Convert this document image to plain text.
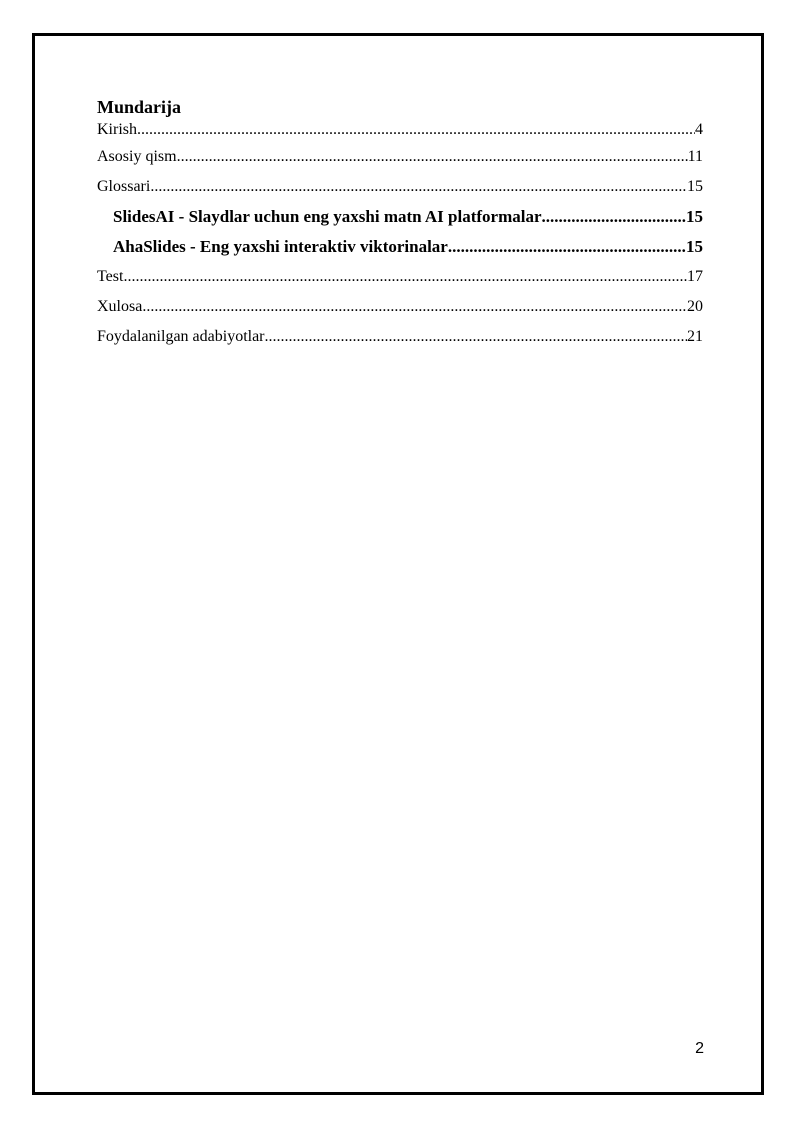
Mundarija
Kirish .....	4
Asosiy qism .....	11
Glossari .....	15
SlidesAI - Slaydlar uchun eng yaxshi matn AI platformalar .....	15
AhaSlides - Eng yaxshi interaktiv viktorinalar .....	15
Test .....	17
Xulosa .....	20
Foydalanilgan adabiyotlar .....	21
2
